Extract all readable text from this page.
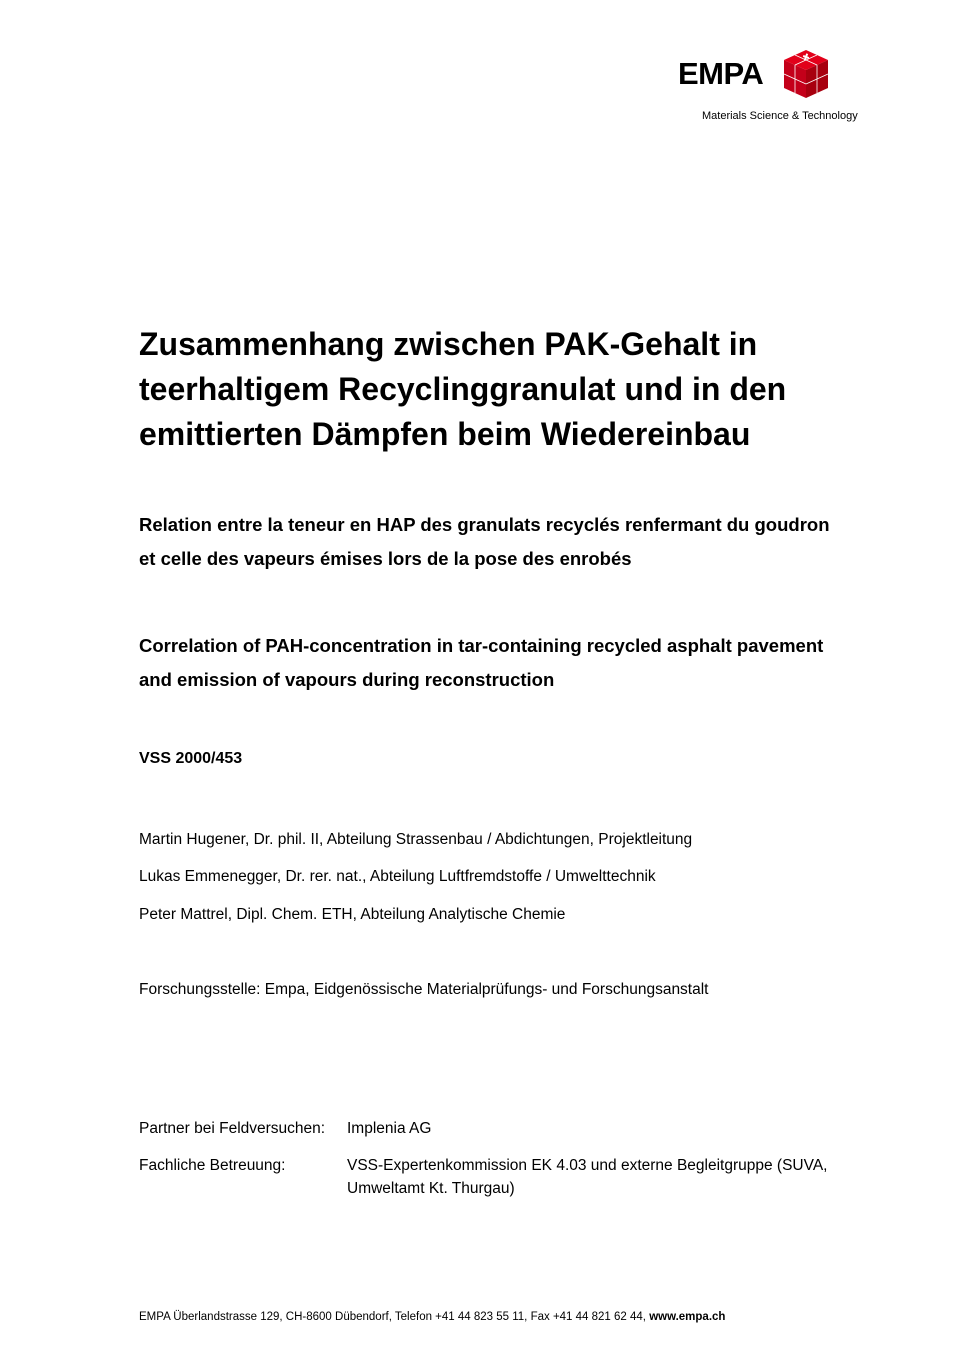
EMPA
Materials Science & Technology
Zusammenhang zwischen PAK-Gehalt in
teerhaltigem Recyclinggranulat und in den
emittierten Dämpfen beim Wiedereinbau
Relation entre la teneur en HAP des granulats recyclés renfermant du goudron
et celle des vapeurs émises lors de la pose des enrobés
Correlation of PAH-concentration in tar-containing recycled asphalt pavement
and emission of vapours during reconstruction
VSS 2000/453
Martin Hugener, Dr. phil. II, Abteilung Strassenbau / Abdichtungen, Projektleitung
Lukas Emmenegger, Dr. rer. nat., Abteilung Luftfremdstoffe / Umwelttechnik
Peter Mattrel, Dipl. Chem. ETH, Abteilung Analytische Chemie
Forschungsstelle: Empa, Eidgenössische Materialprüfungs- und Forschungsanstalt
Partner bei Feldversuchen: Implenia AG
Fachliche Betreuung:	VSS-Expertenkommission EK 4.03 und externe Begleitgruppe (SUVA, Umweltamt Kt. Thurgau)
EMPA Überlandstrasse 129, CH-8600 Dübendorf, Telefon +41 44 823 55 11, Fax +41 44 821 62 44, www.empa.ch
